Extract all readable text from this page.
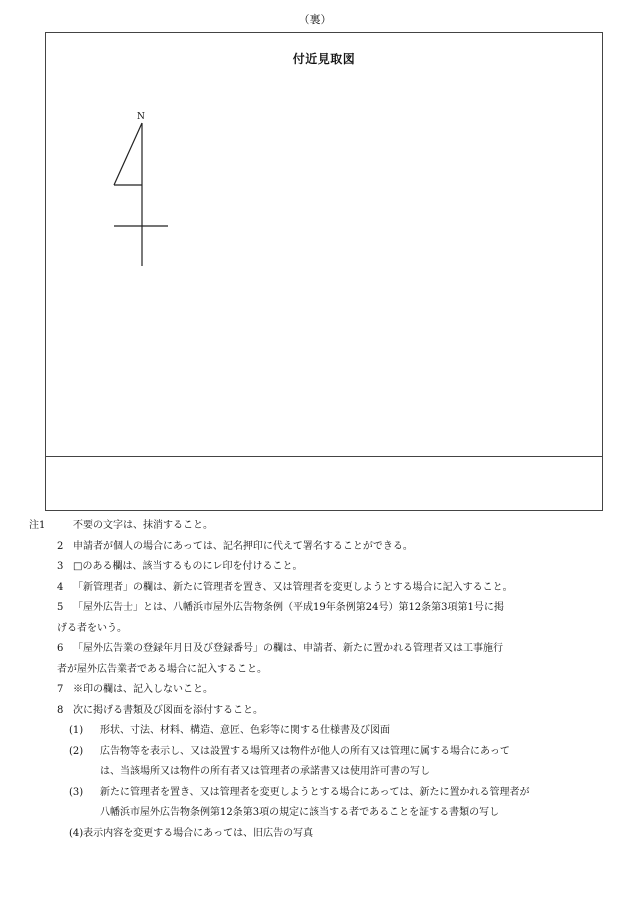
（裏）
付近見取図
N

注1	不要の文字は、抹消すること。

2 申請者が個人の場合にあっては、記名押印に代えて署名することができる。

3 □のある欄は、該当するものにレ印を付けること。

4 「新管理者」の欄は、新たに管理者を置き、又は管理者を変更しようとする場合に記入すること。

5 「屋外広告士」とは、八幡浜市屋外広告物条例（平成19年条例第24号）第12条第3項第1号に掲
げる者をいう。

6 「屋外広告業の登録年月日及び登録番号」の欄は、申請者、新たに置かれる管理者又は工事施行
者が屋外広告業者である場合に記入すること。

7 ※印の欄は、記入しないこと。

8 次に掲げる書類及び図面を添付すること。

(1) 形状、寸法、材料、構造、意匠、色彩等に関する仕様書及び図面

(2) 広告物等を表示し、又は設置する場所又は物件が他人の所有又は管理に属する場合にあって
は、当該場所又は物件の所有者又は管理者の承諾書又は使用許可書の写し

(3) 新たに管理者を置き、又は管理者を変更しようとする場合にあっては、新たに置かれる管理者が
八幡浜市屋外広告物条例第12条第3項の規定に該当する者であることを証する書類の写し

(4)表示内容を変更する場合にあっては、旧広告の写真
